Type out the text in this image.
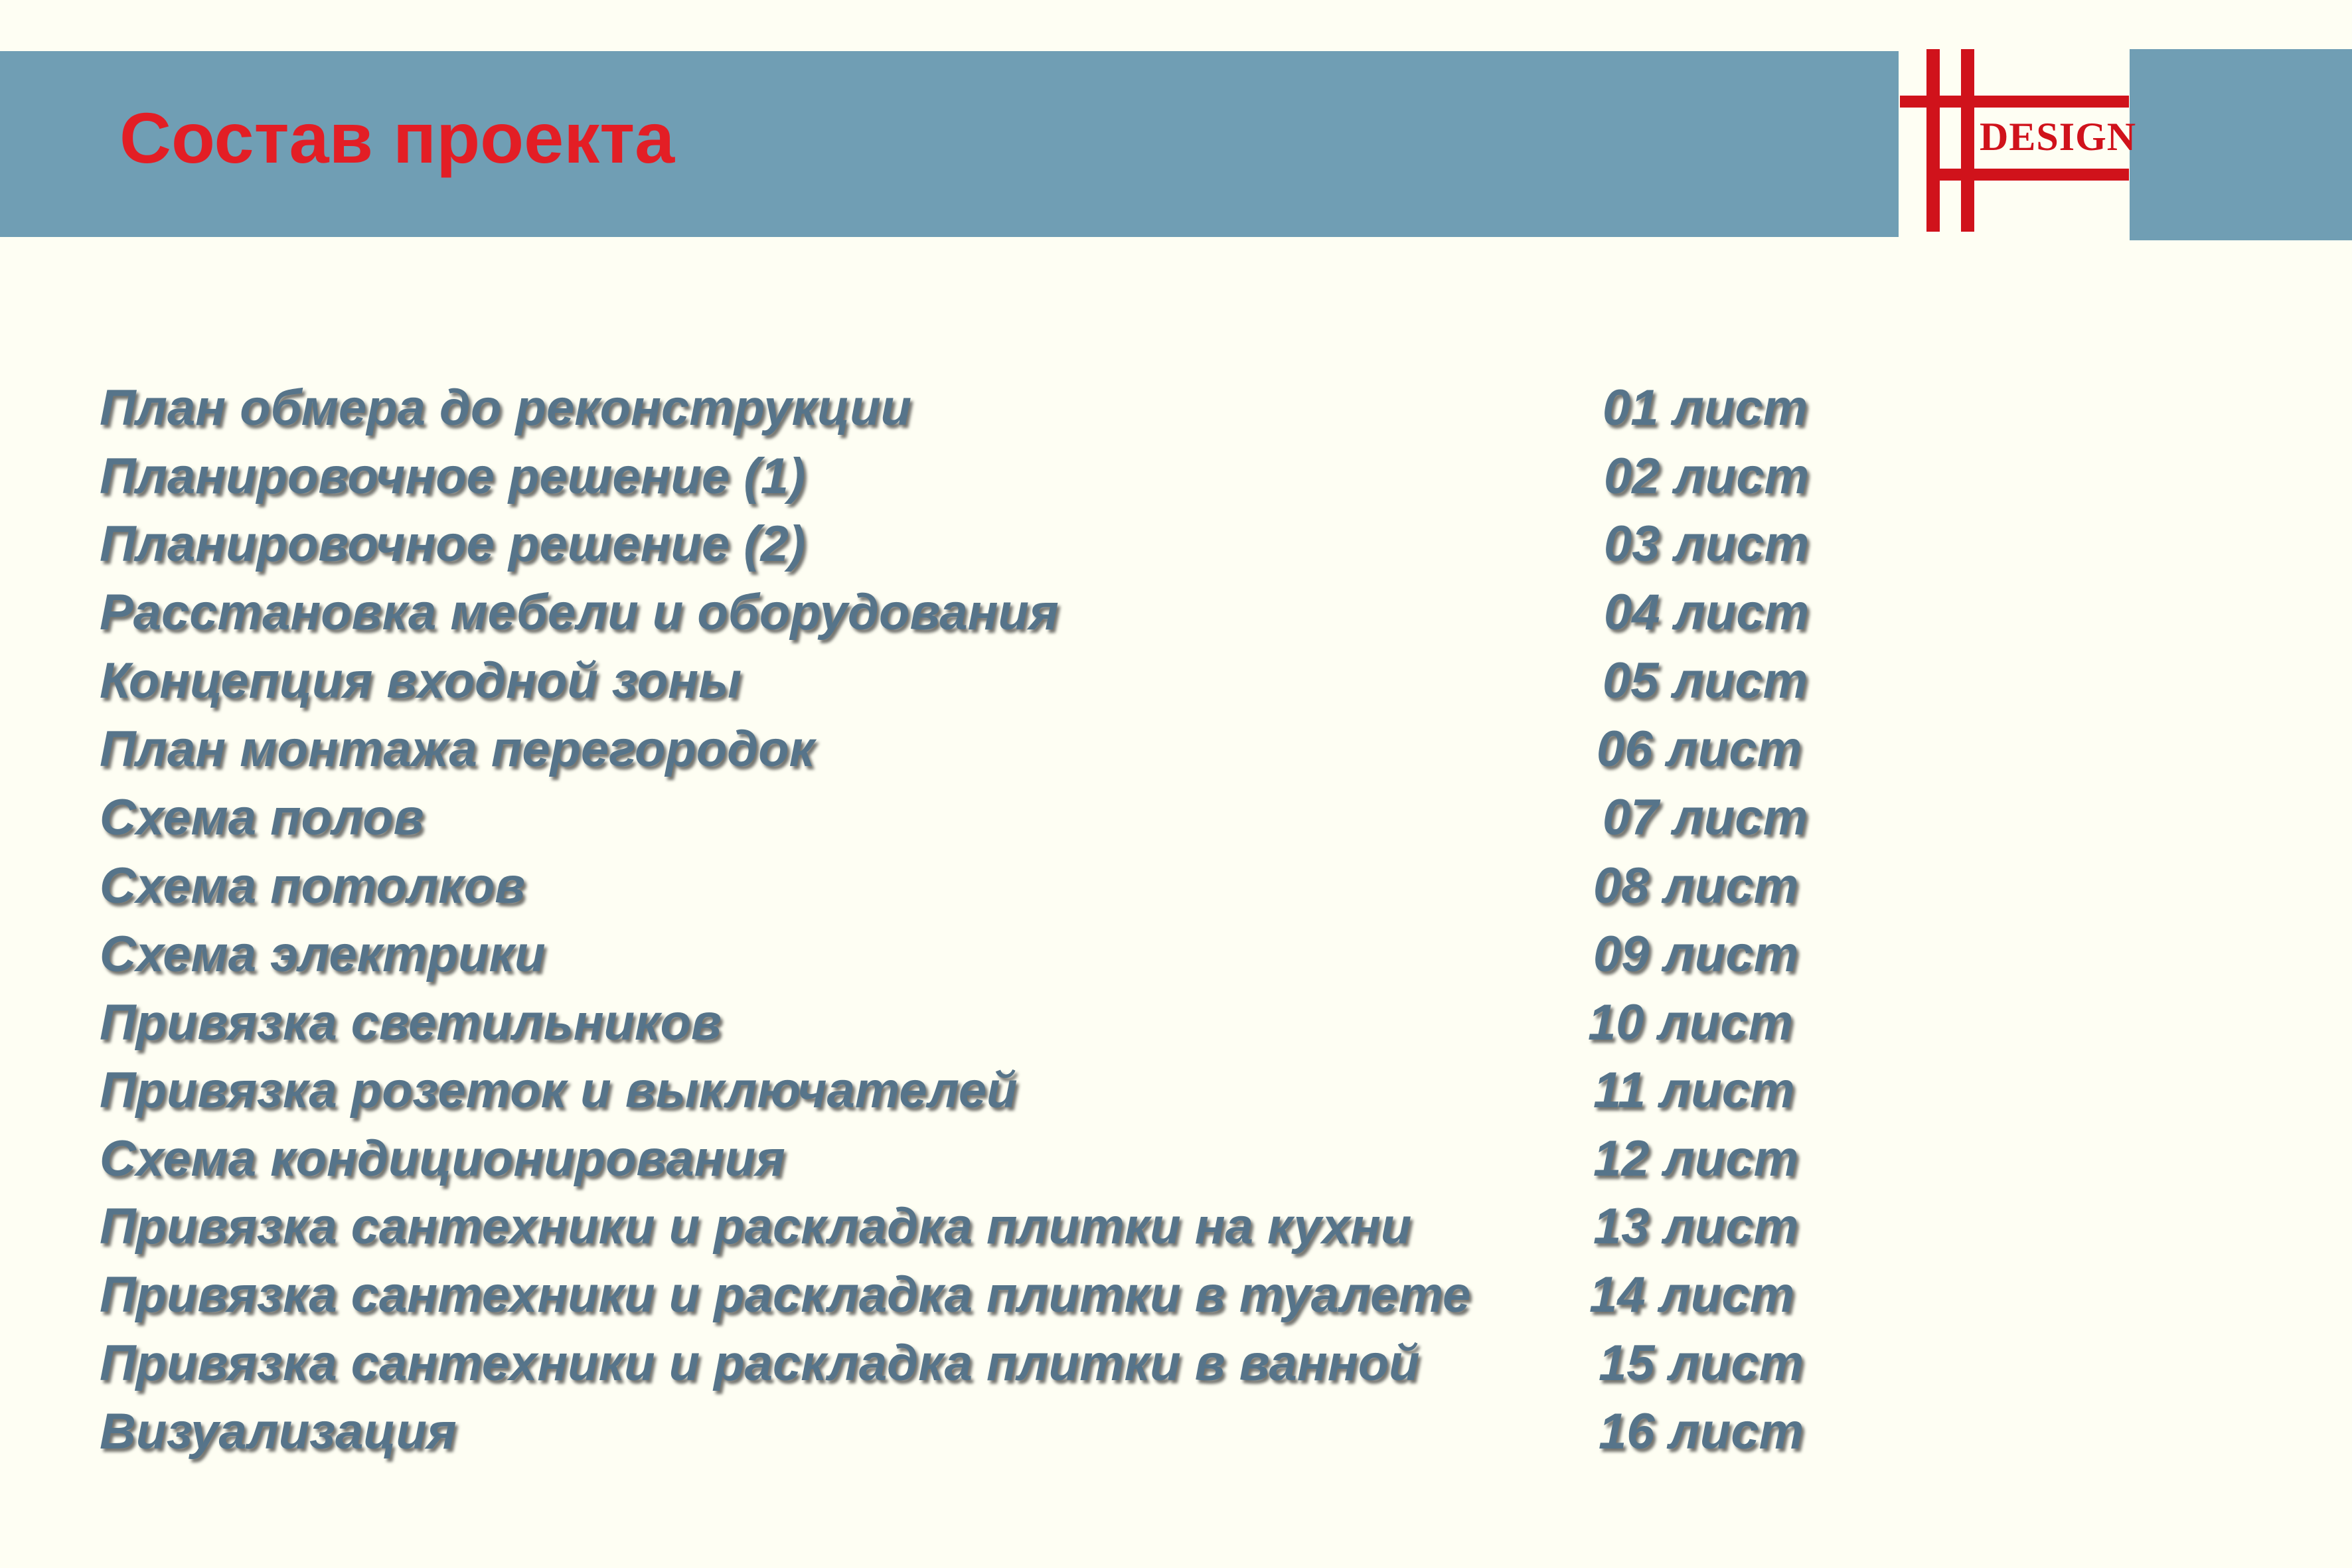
Состав проекта	DESIGN
План обмера до реконструкции	01 лист
Планировочное решение (1)	02 лист
Планировочное решение (2)	03 лист
Расстановка мебели и оборудования	04 лист
Концепция входной зоны	05 лист
План монтажа перегородок	06 лист
Схема полов	07 лист
Схема потолков	08 лист
Схема электрики	09 лист
Привязка светильников	10 лист
Привязка розеток и выключателей	11 лист
Схема кондиционирования	12 лист
Привязка сантехники и раскладка плитки на кухни	13 лист
Привязка сантехники и раскладка плитки в туалете 14 лист
Привязка сантехники и раскладка плитки в ванной	15 лист
Визуализация	16 лист
